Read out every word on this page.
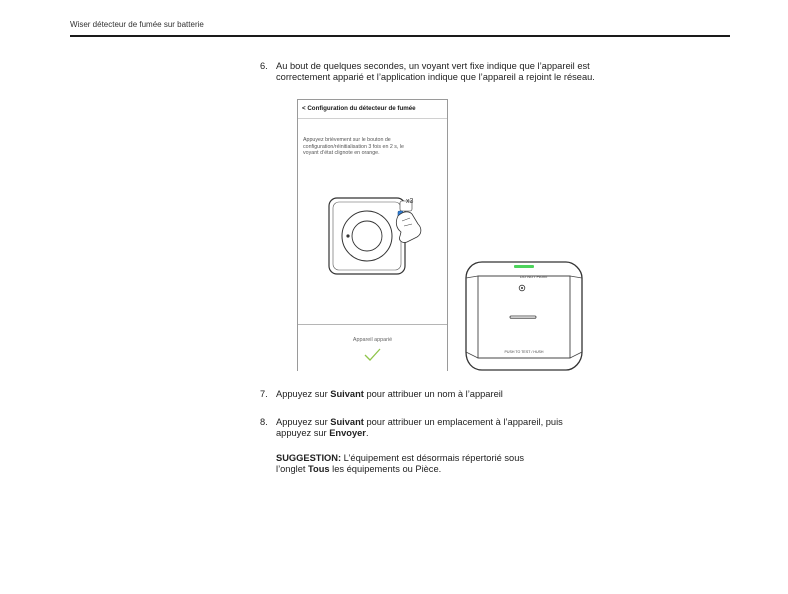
Wiser détecteur de fumée sur batterie
6. Au bout de quelques secondes, un voyant vert fixe indique que l’appareil est
correctement apparié et l’application indique que l’appareil a rejoint le réseau.
< Configuration du détecteur de fumée
Appuyez brièvement sur le bouton de
configuration/réinitialisation 3 fois en 2 s, le
voyant d’état clignote en orange.
x3
Appareil apparié
DO NOT PAINT
PUSH TO TEST / HUSH
7. Appuyez sur Suivant pour attribuer un nom à l’appareil
8. Appuyez sur Suivant pour attribuer un emplacement à l’appareil, puis
appuyez sur Envoyer.
SUGGESTION: L’équipement est désormais répertorié sous
l’onglet Tous les équipements ou Pièce.
